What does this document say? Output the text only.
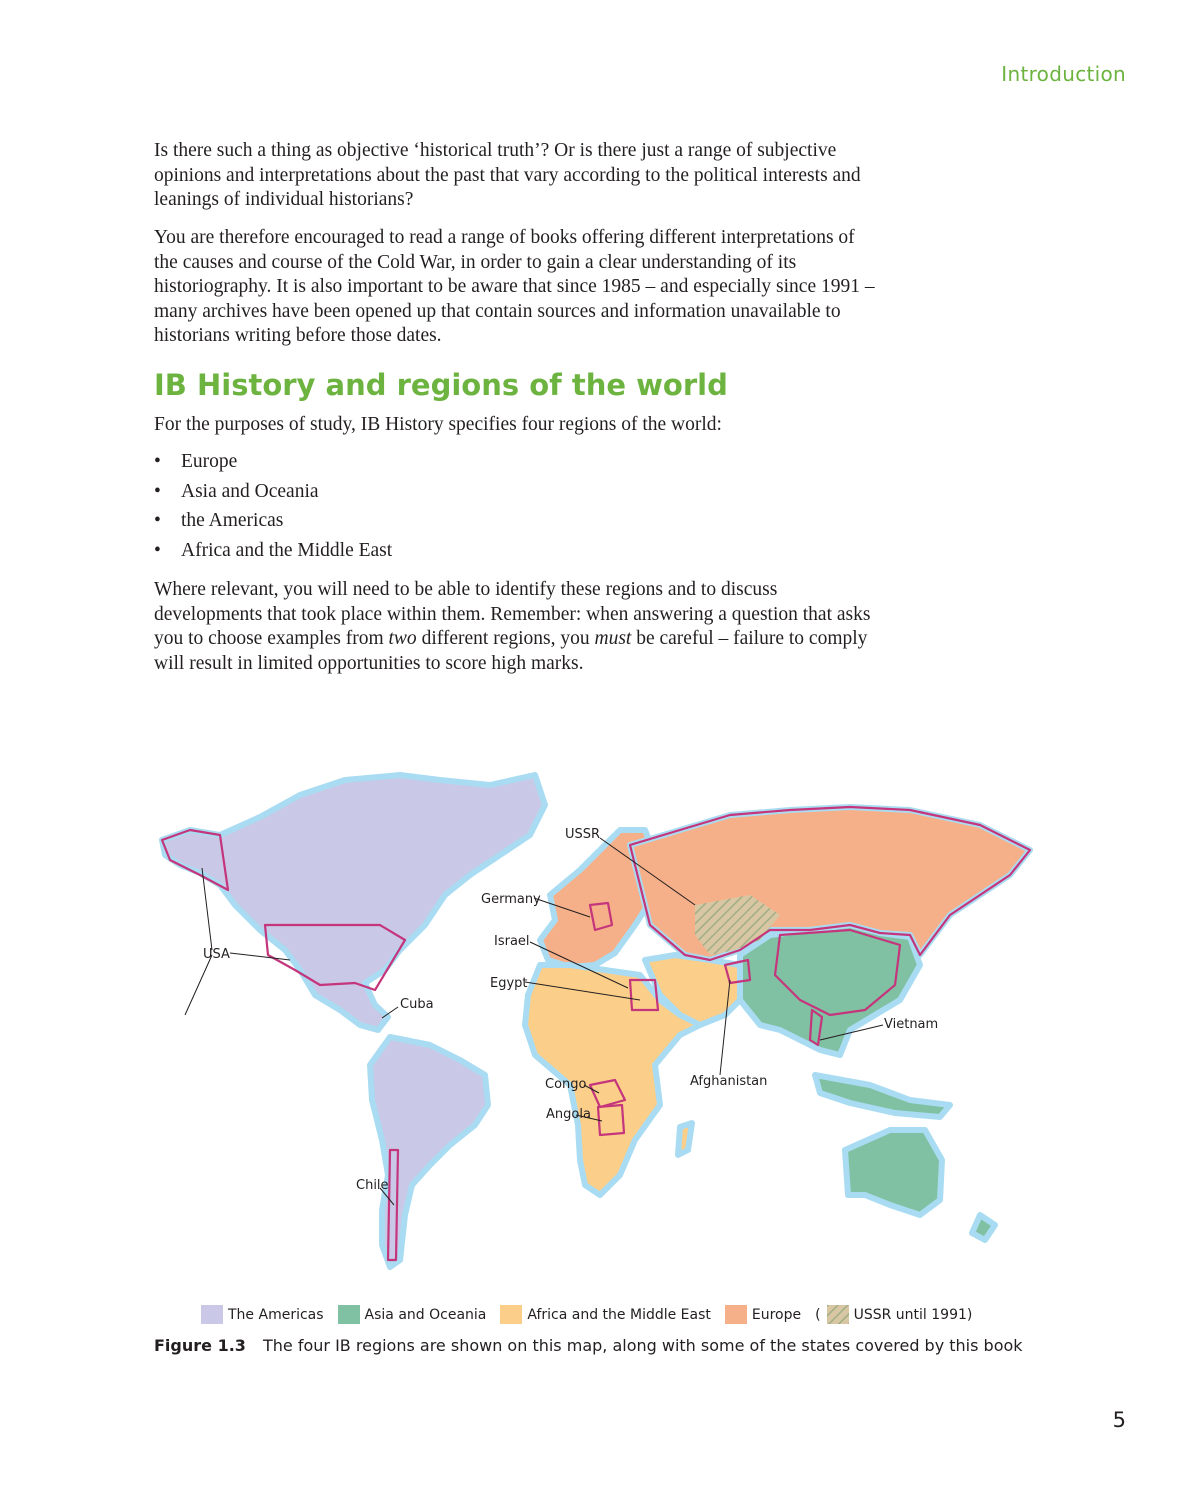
Introduction
Is there such a thing as objective ‘historical truth’? Or is there just a range of subjective opinions and interpretations about the past that vary according to the political interests and leanings of individual historians?
You are therefore encouraged to read a range of books offering different interpretations of the causes and course of the Cold War, in order to gain a clear understanding of its historiography. It is also important to be aware that since 1985 – and especially since 1991 – many archives have been opened up that contain sources and information unavailable to historians writing before those dates.
IB History and regions of the world
For the purposes of study, IB History specifies four regions of the world:
• Europe
• Asia and Oceania
• the Americas
• Africa and the Middle East
Where relevant, you will need to be able to identify these regions and to discuss developments that took place within them. Remember: when answering a question that asks you to choose examples from two different regions, you must be careful – failure to comply will result in limited opportunities to score high marks.
USSR
Germany
Israel
Egypt
USA
Cuba
Vietnam
Congo	Afghanistan
Angola
Chile
The Americas	Asia and Oceania	Africa and the Middle East	Europe ( USSR until 1991)
Figure 1.3 The four IB regions are shown on this map, along with some of the states covered by this book
5
